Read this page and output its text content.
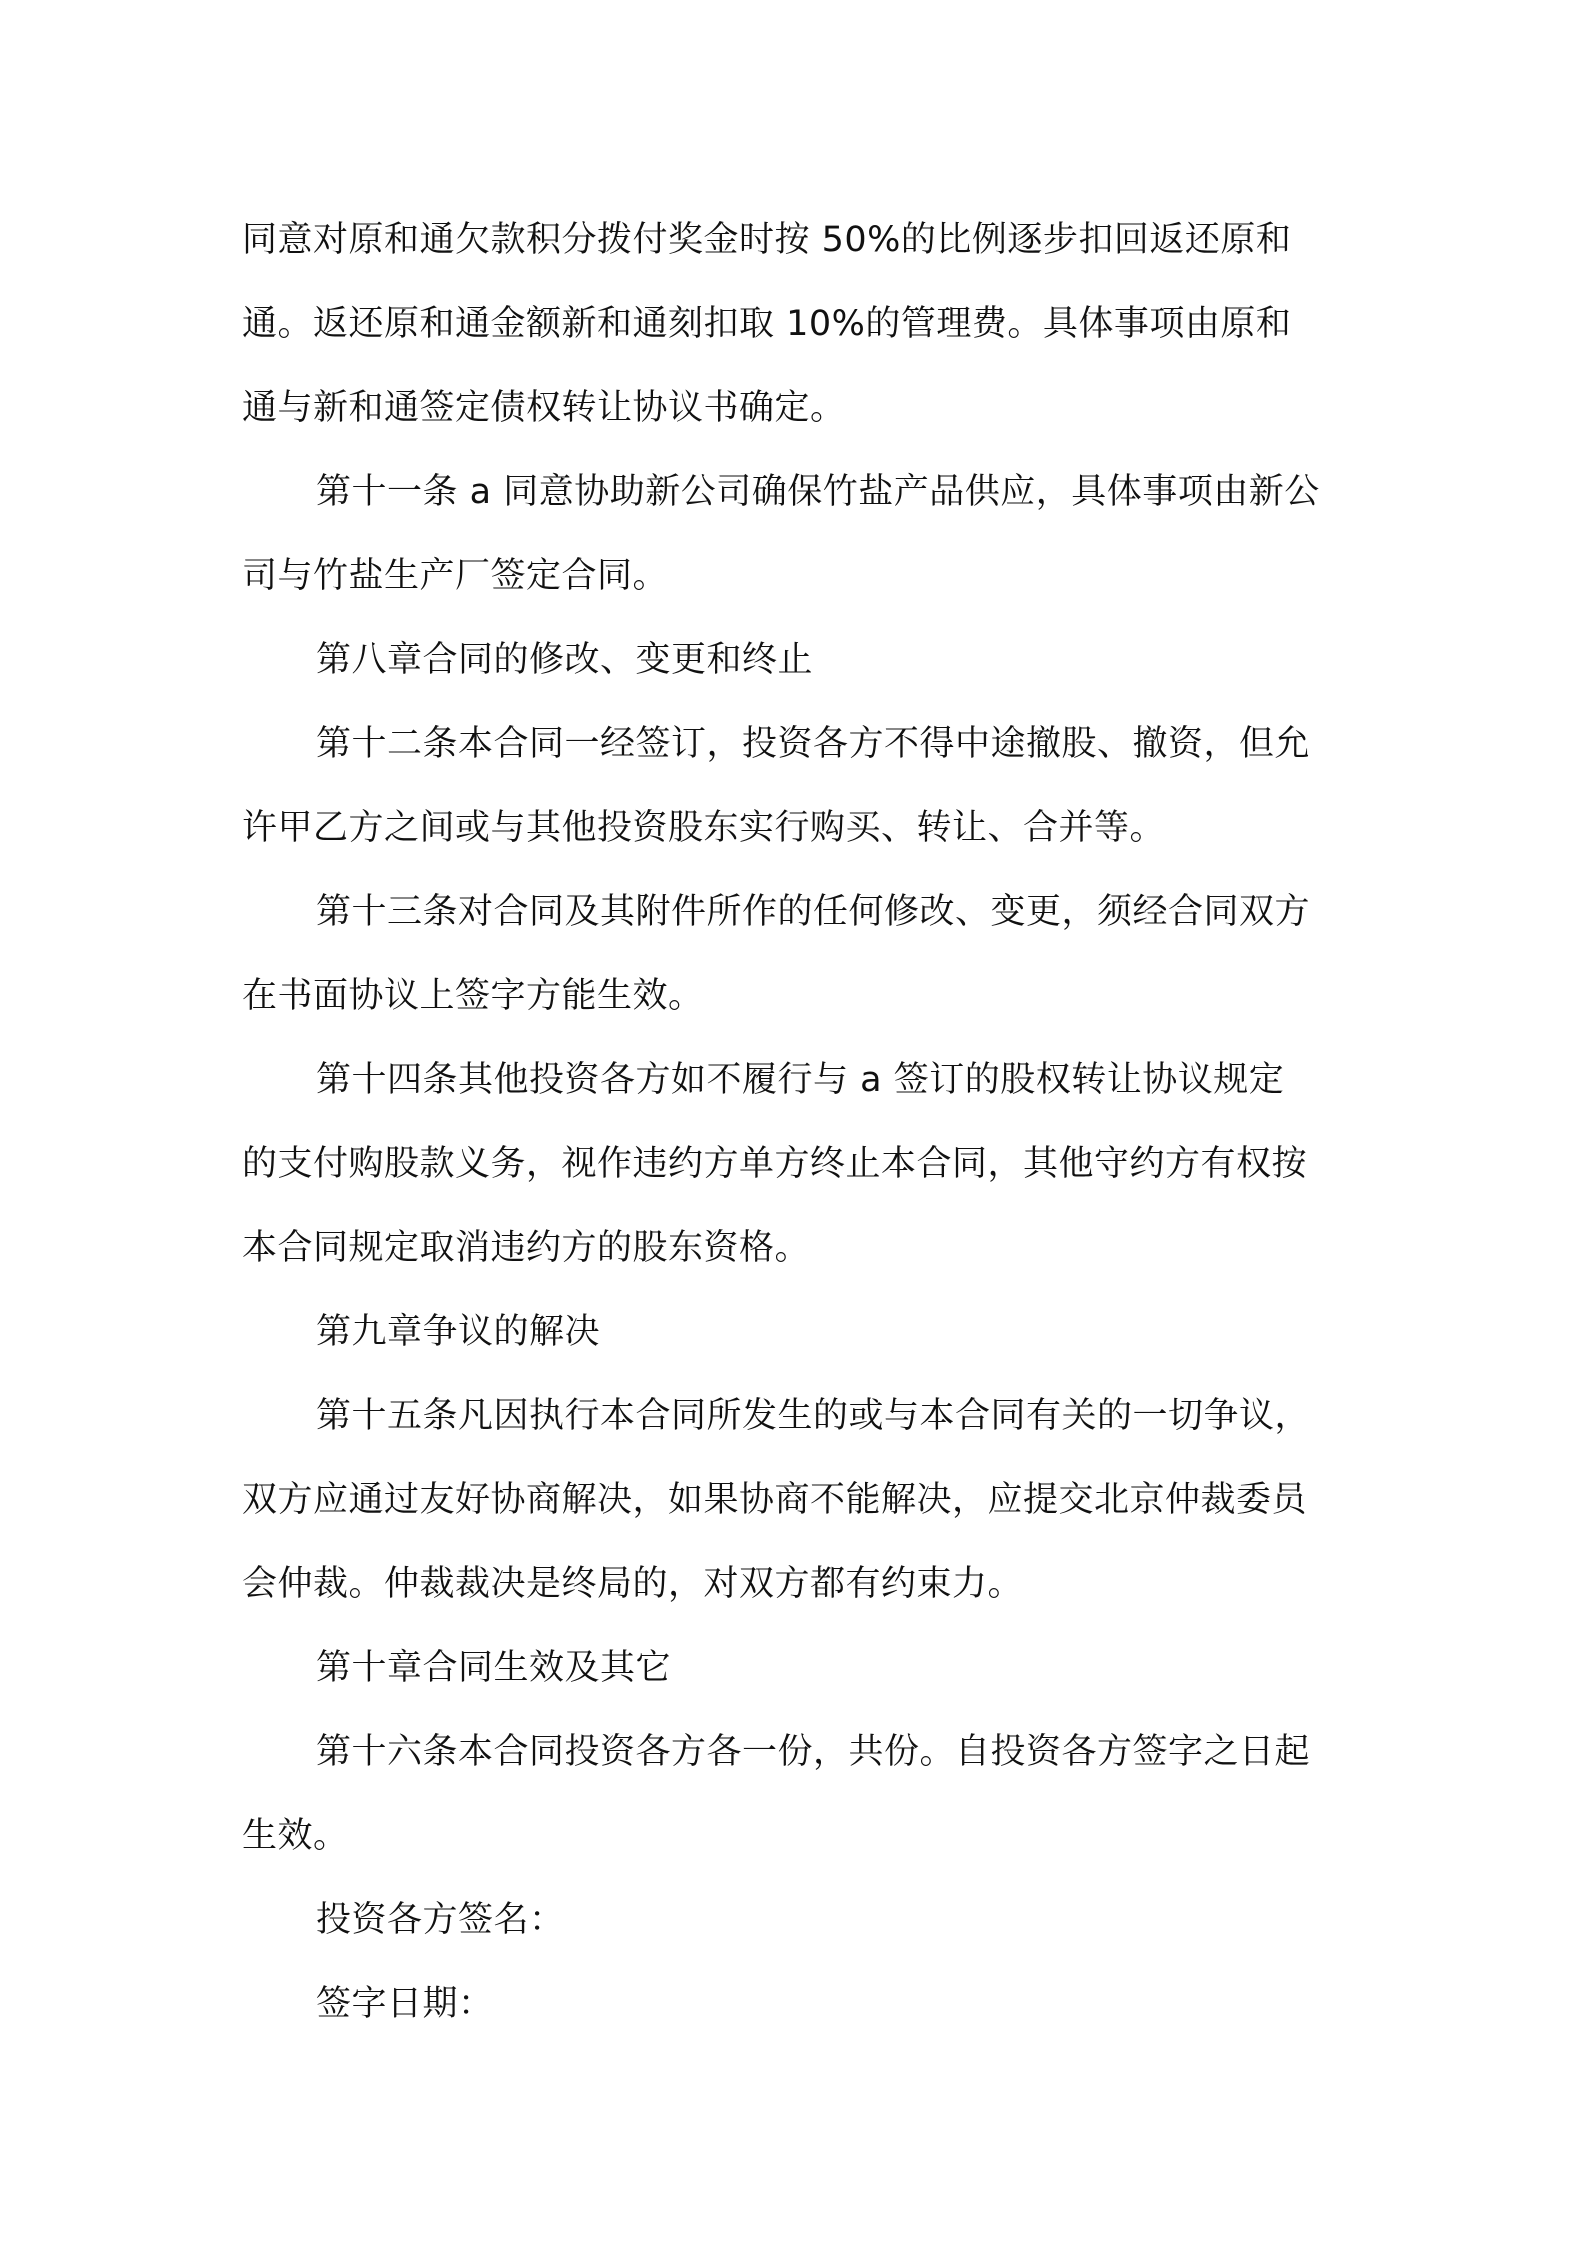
同意对原和通欠款积分拨付奖金时按 50%的比例逐步扣回返还原和
通。返还原和通金额新和通刻扣取 10%的管理费。具体事项由原和
通与新和通签定债权转让协议书确定。
第十一条 a 同意协助新公司确保竹盐产品供应，具体事项由新公
司与竹盐生产厂签定合同。
第八章合同的修改、变更和终止
第十二条本合同一经签订，投资各方不得中途撤股、撤资，但允
许甲乙方之间或与其他投资股东实行购买、转让、合并等。
第十三条对合同及其附件所作的任何修改、变更，须经合同双方
在书面协议上签字方能生效。
第十四条其他投资各方如不履行与 a 签订的股权转让协议规定
的支付购股款义务，视作违约方单方终止本合同，其他守约方有权按
本合同规定取消违约方的股东资格。
第九章争议的解决
第十五条凡因执行本合同所发生的或与本合同有关的一切争议，
双方应通过友好协商解决，如果协商不能解决，应提交北京仲裁委员
会仲裁。仲裁裁决是终局的，对双方都有约束力。
第十章合同生效及其它
第十六条本合同投资各方各一份，共份。自投资各方签字之日起
生效。
投资各方签名：
签字日期：
